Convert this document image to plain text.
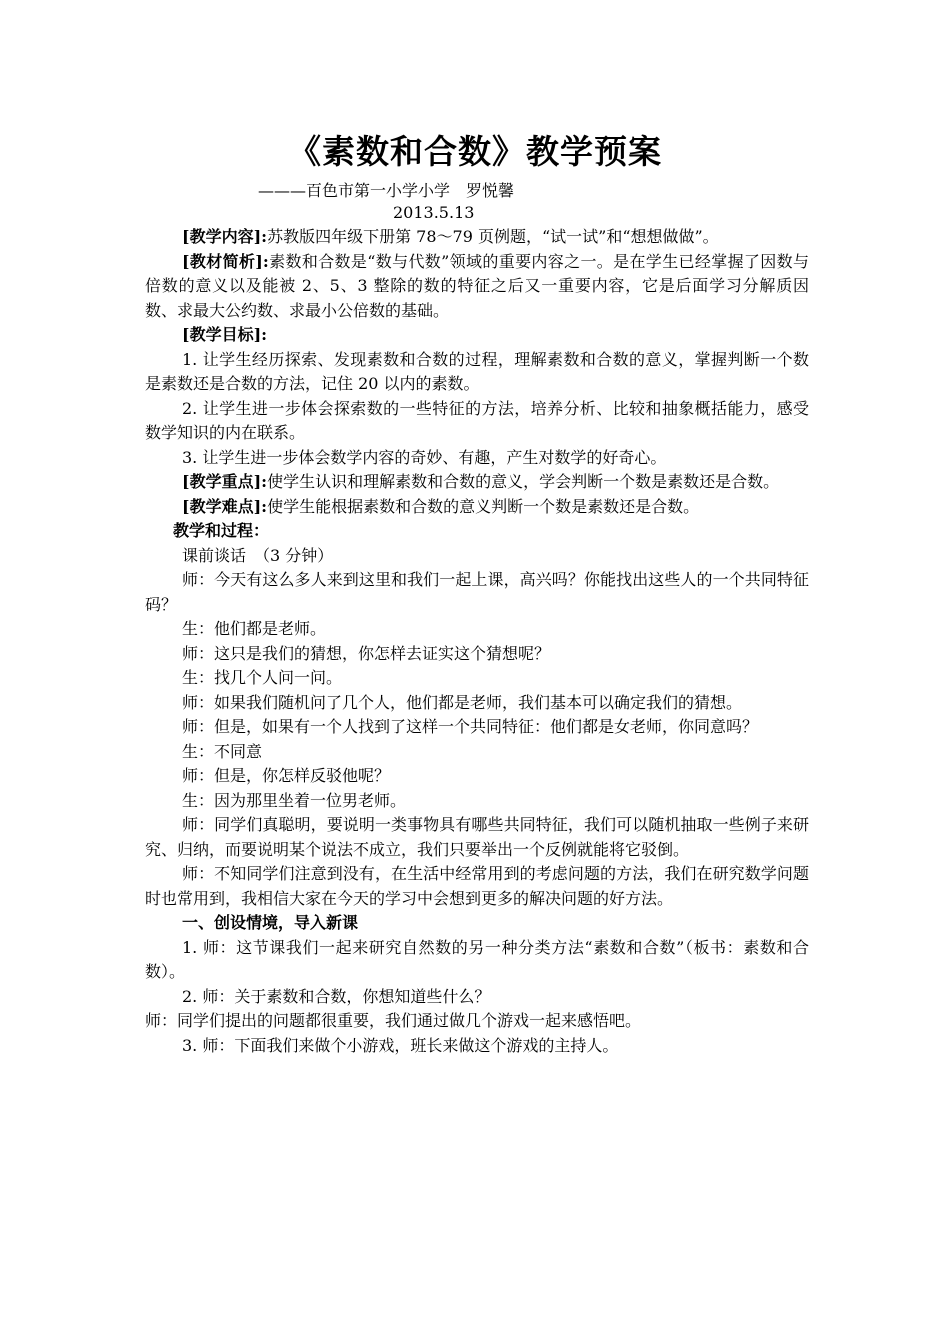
《素数和合数》教学预案
———百色市第一小学小学　罗悦馨
2013.5.13

[教学内容]:苏教版四年级下册第 78～79 页例题，“试一试”和“想想做做”。

[教材简析]:素数和合数是“数与代数”领域的重要内容之一。是在学生已经掌握了因数与倍数的意义以及能被 2、5、3 整除的数的特征之后又一重要内容，它是后面学习分解质因数、求最大公约数、求最小公倍数的基础。

[教学目标]:

1. 让学生经历探索、发现素数和合数的过程，理解素数和合数的意义，掌握判断一个数是素数还是合数的方法，记住 20 以内的素数。

2. 让学生进一步体会探索数的一些特征的方法，培养分析、比较和抽象概括能力，感受数学知识的内在联系。

3. 让学生进一步体会数学内容的奇妙、有趣，产生对数学的好奇心。

[教学重点]:使学生认识和理解素数和合数的意义，学会判断一个数是素数还是合数。

[教学难点]:使学生能根据素数和合数的意义判断一个数是素数还是合数。

教学和过程：

课前谈话　（3 分钟）

师：今天有这么多人来到这里和我们一起上课，高兴吗？你能找出这些人的一个共同特征码？

生：他们都是老师。

师：这只是我们的猜想，你怎样去证实这个猜想呢？

生：找几个人问一问。

师：如果我们随机问了几个人，他们都是老师，我们基本可以确定我们的猜想。

师：但是，如果有一个人找到了这样一个共同特征：他们都是女老师，你同意吗？

生：不同意

师：但是，你怎样反驳他呢？

生：因为那里坐着一位男老师。

师：同学们真聪明，要说明一类事物具有哪些共同特征，我们可以随机抽取一些例子来研究、归纳，而要说明某个说法不成立，我们只要举出一个反例就能将它驳倒。

师：不知同学们注意到没有，在生活中经常用到的考虑问题的方法，我们在研究数学问题时也常用到，我相信大家在今天的学习中会想到更多的解决问题的好方法。

一、创设情境，导入新课

1. 师：这节课我们一起来研究自然数的另一种分类方法“素数和合数”（板书：素数和合数）。

2. 师：关于素数和合数，你想知道些什么？

师：同学们提出的问题都很重要，我们通过做几个游戏一起来感悟吧。

3. 师：下面我们来做个小游戏，班长来做这个游戏的主持人。
